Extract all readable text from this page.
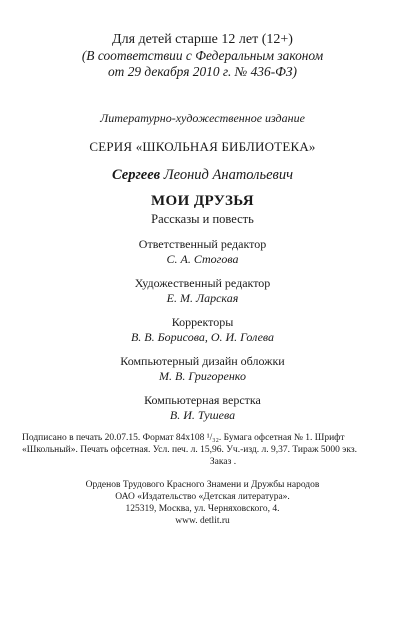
Для детей старше 12 лет (12+)
(В соответствии с Федеральным законом
от 29 декабря 2010 г. № 436-ФЗ)
Литературно-художественное издание
СЕРИЯ «ШКОЛЬНАЯ БИБЛИОТЕКА»
Сергеев Леонид Анатольевич
МОИ ДРУЗЬЯ
Рассказы и повесть
Ответственный редактор
С. А. Стогова
Художественный редактор
Е. М. Ларская
Корректоры
В. В. Борисова, О. И. Голева
Компьютерный дизайн обложки
М. В. Григоренко
Компьютерная верстка
В. И. Тушева
Подписано в печать 20.07.15. Формат 84х108 ¹/₃₂. Бумага офсетная № 1. Шрифт
«Школьный». Печать офсетная. Усл. печ. л. 15,96. Уч.-изд. л. 9,37. Тираж 5000 экз.
Заказ .
Орденов Трудового Красного Знамени и Дружбы народов
ОАО «Издательство «Детская литература».
125319, Москва, ул. Черняховского, 4.
www. detlit.ru
